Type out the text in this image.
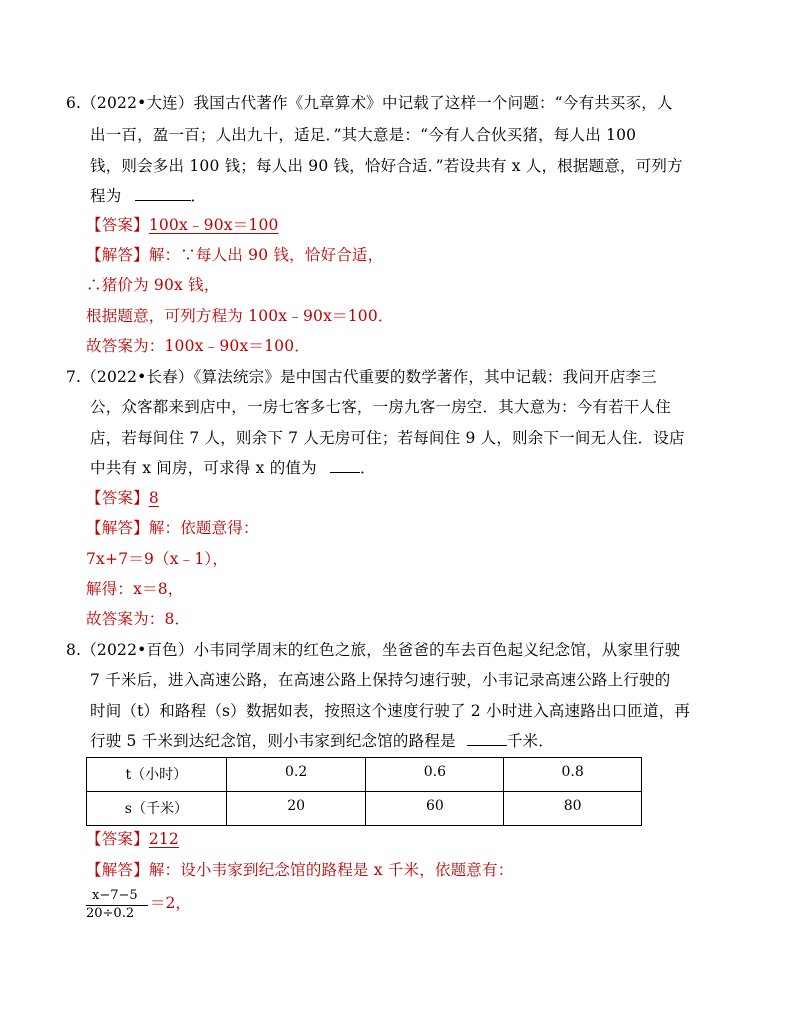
6.（2022•大连）我国古代著作《九章算术》中记载了这样一个问题：“今有共买豕，人
出一百，盈一百；人出九十，适足．”其大意是：“今有人合伙买猪，每人出 100
钱，则会多出 100 钱；每人出 90 钱，恰好合适．”若设共有 x 人，根据题意，可列方
程为	．
【答案】100x﹣90x＝100
【解答】解：∵每人出 90 钱，恰好合适，
∴猪价为 90x 钱，
根据题意，可列方程为 100x﹣90x＝100．
故答案为：100x﹣90x＝100．
7.（2022•长春）《算法统宗》是中国古代重要的数学著作，其中记载：我问开店李三
公，众客都来到店中，一房七客多七客，一房九客一房空．其大意为：今有若干人住
店，若每间住 7 人，则余下 7 人无房可住；若每间住 9 人，则余下一间无人住．设店
中共有 x 间房，可求得 x 的值为	．
【答案】8
【解答】解：依题意得：
7x+7＝9（x﹣1），
解得：x＝8，
故答案为：8．
8.（2022•百色）小韦同学周末的红色之旅，坐爸爸的车去百色起义纪念馆，从家里行驶
7 千米后，进入高速公路，在高速公路上保持匀速行驶，小韦记录高速公路上行驶的
时间（t）和路程（s）数据如表，按照这个速度行驶了 2 小时进入高速路出口匝道，再
行驶 5 千米到达纪念馆，则小韦家到纪念馆的路程是	千米．
t（小时）	0.2	0.6	0.8
s（千米）	20	60	80
【答案】212
【解答】解：设小韦家到纪念馆的路程是 x 千米，依题意有：
x−7−5
20÷0.2
＝2，
